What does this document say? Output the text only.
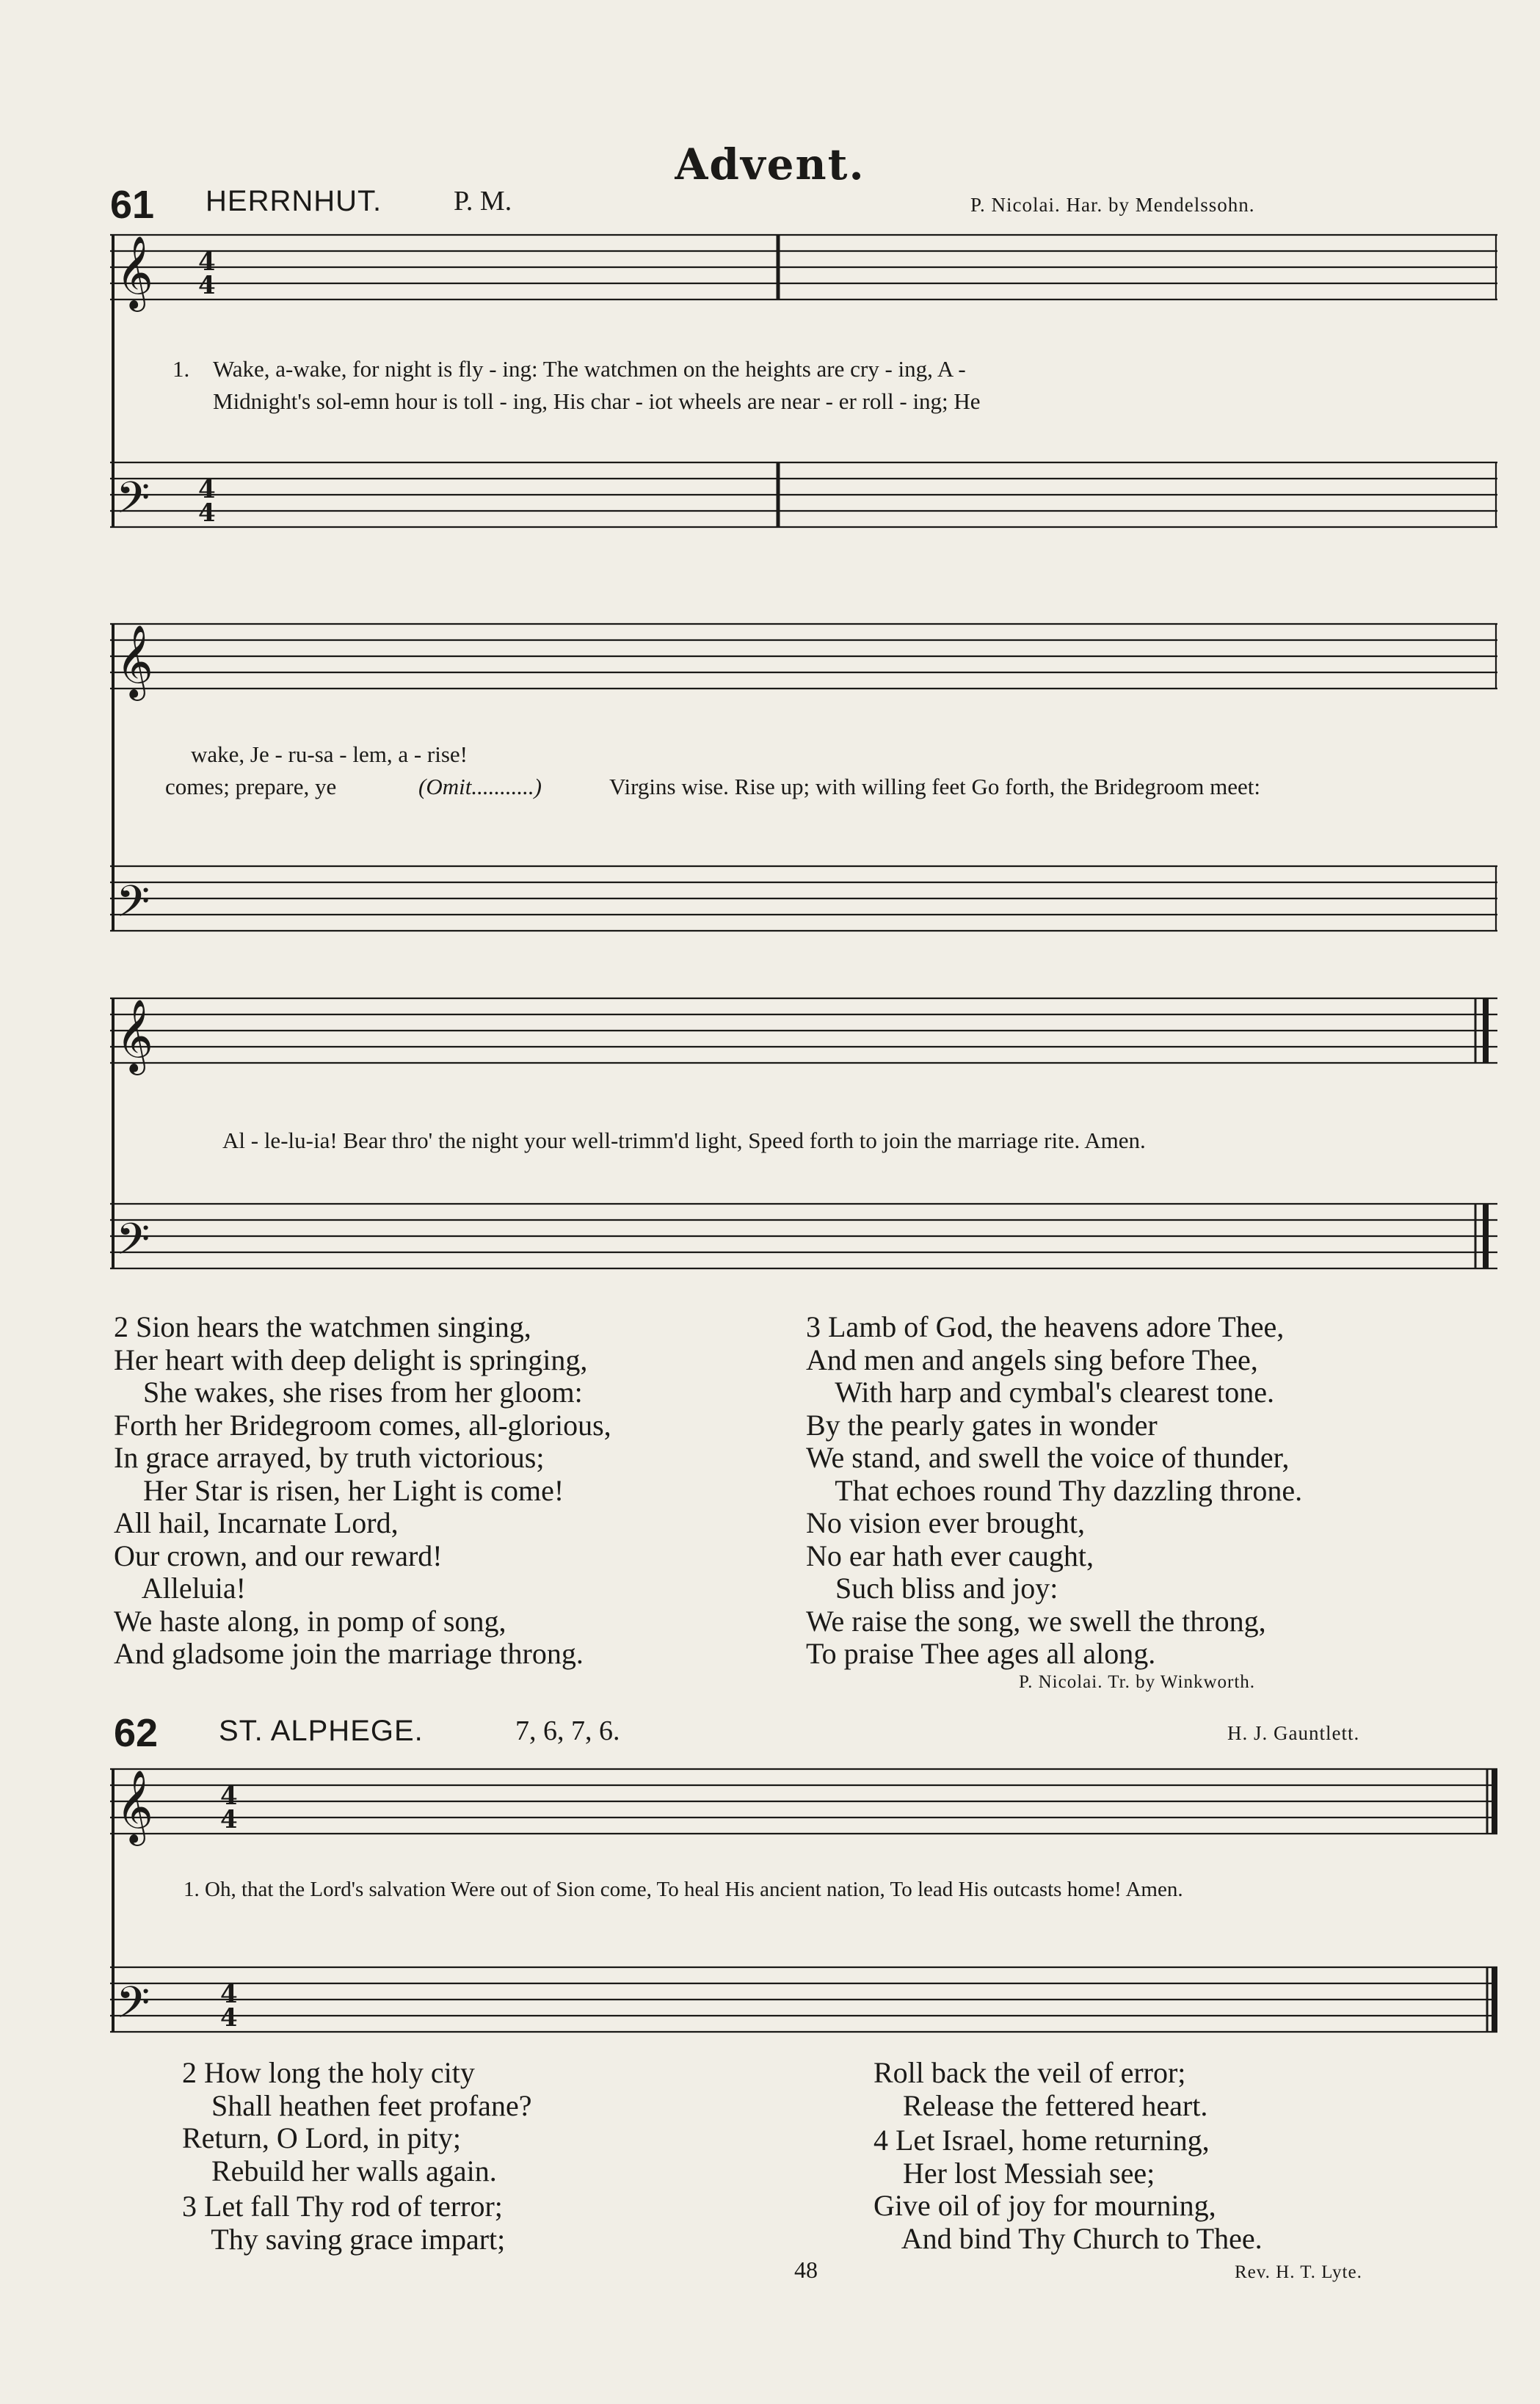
Advent.
61 HERRNHUT.	P. M.	P. Nicolai. Har. by Mendelssohn.
𝄞
𝄢
4
4
4
4
1. Wake, a-wake, for night is fly - ing: The watchmen on the heights are cry - ing, A -
Midnight's sol-emn hour is toll - ing, His char - iot wheels are near - er roll - ing; He
𝄞
𝄢
wake, Je - ru-sa - lem, a - rise!
comes; prepare, ye	(Omit...........)	Virgins wise. Rise up; with willing feet Go forth, the Bridegroom meet:
𝄞
𝄢
Al - le-lu-ia! Bear thro' the night your well-trimm'd light, Speed forth to join the marriage rite. Amen.
2 Sion hears the watchmen singing,
Her heart with deep delight is springing,
She wakes, she rises from her gloom:
Forth her Bridegroom comes, all-glorious,
In grace arrayed, by truth victorious;
Her Star is risen, her Light is come!
All hail, Incarnate Lord,
Our crown, and our reward!
Alleluia!
We haste along, in pomp of song,
And gladsome join the marriage throng.
3 Lamb of God, the heavens adore Thee,
And men and angels sing before Thee,
With harp and cymbal's clearest tone.
By the pearly gates in wonder
We stand, and swell the voice of thunder,
That echoes round Thy dazzling throne.
No vision ever brought,
No ear hath ever caught,
Such bliss and joy:
We raise the song, we swell the throng,
To praise Thee ages all along.
P. Nicolai. Tr. by Winkworth.
62 ST. ALPHEGE.	7, 6, 7, 6.	H. J. Gauntlett.
𝄞
𝄢
4
4
4
4
1. Oh, that the Lord's salvation Were out of Sion come, To heal His ancient nation, To lead His outcasts home! Amen.
2 How long the holy city
Shall heathen feet profane?
Return, O Lord, in pity;
Rebuild her walls again.
3 Let fall Thy rod of terror;
Thy saving grace impart;
Roll back the veil of error;
Release the fettered heart.
4 Let Israel, home returning,
Her lost Messiah see;
Give oil of joy for mourning,
And bind Thy Church to Thee.
Rev. H. T. Lyte.
48
